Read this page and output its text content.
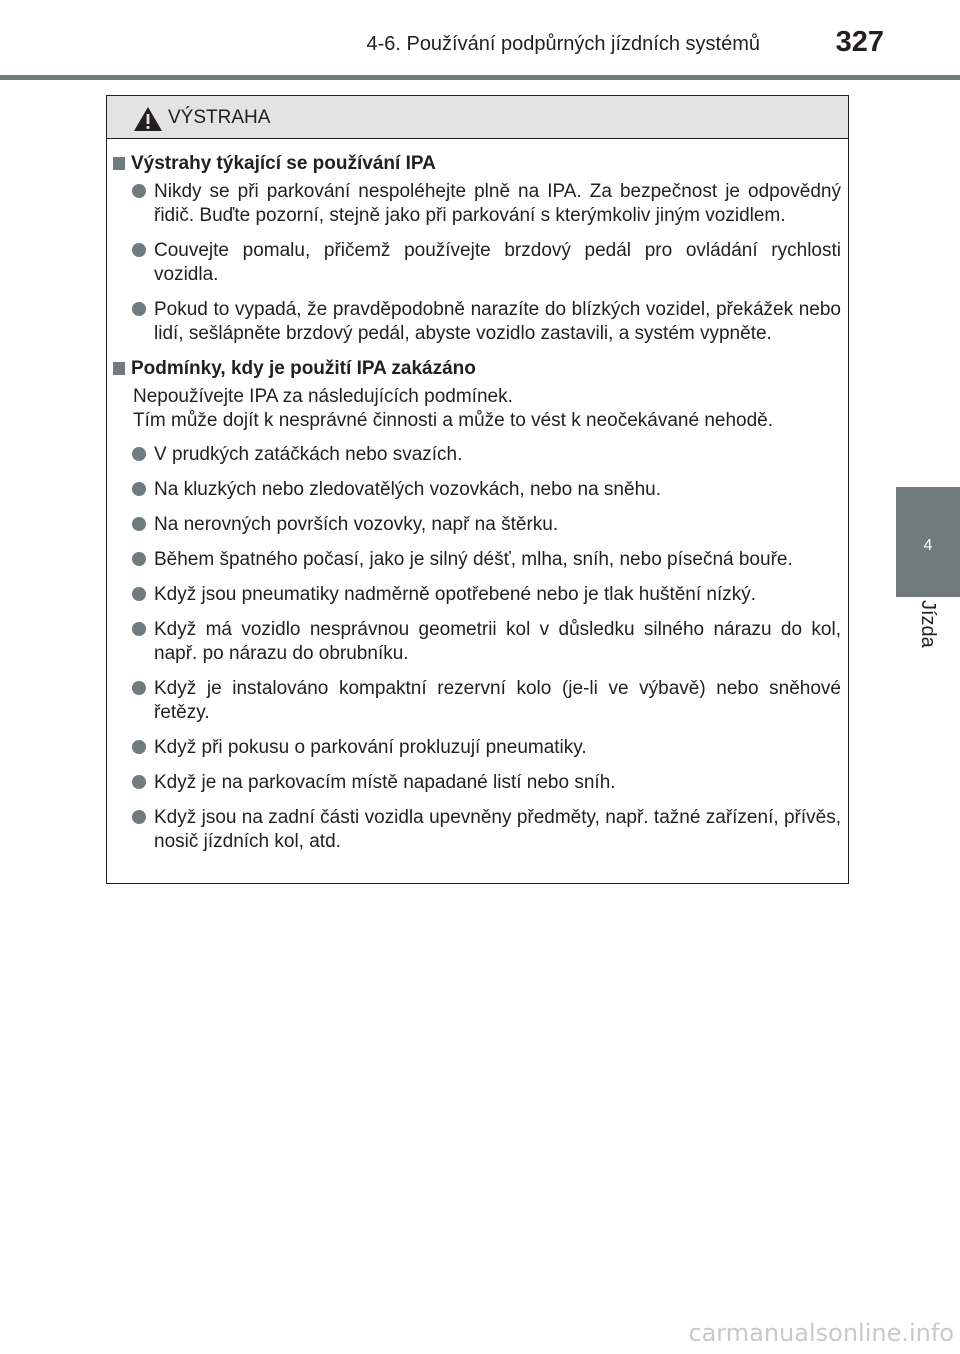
4-6. Používání podpůrných jízdních systémů	327
4
Jízda
VÝSTRAHA
Výstrahy týkající se používání IPA
Nikdy se při parkování nespoléhejte plně na IPA. Za bezpečnost je odpovědný řidič. Buďte pozorní, stejně jako při parkování s kterýmkoliv jiným vozidlem.
Couvejte pomalu, přičemž používejte brzdový pedál pro ovládání rychlosti vozidla.
Pokud to vypadá, že pravděpodobně narazíte do blízkých vozidel, překážek nebo lidí, sešlápněte brzdový pedál, abyste vozidlo zastavili, a systém vypněte.
Podmínky, kdy je použití IPA zakázáno
Nepoužívejte IPA za následujících podmínek.
Tím může dojít k nesprávné činnosti a může to vést k neočekávané nehodě.
V prudkých zatáčkách nebo svazích.
Na kluzkých nebo zledovatělých vozovkách, nebo na sněhu.
Na nerovných površích vozovky, např na štěrku.
Během špatného počasí, jako je silný déšť, mlha, sníh, nebo písečná bouře.
Když jsou pneumatiky nadměrně opotřebené nebo je tlak huštění nízký.
Když má vozidlo nesprávnou geometrii kol v důsledku silného nárazu do kol, např. po nárazu do obrubníku.
Když je instalováno kompaktní rezervní kolo (je-li ve výbavě) nebo sněhové řetězy.
Když při pokusu o parkování prokluzují pneumatiky.
Když je na parkovacím místě napadané listí nebo sníh.
Když jsou na zadní části vozidla upevněny předměty, např. tažné zařízení, přívěs, nosič jízdních kol, atd.
carmanualsonline.info
